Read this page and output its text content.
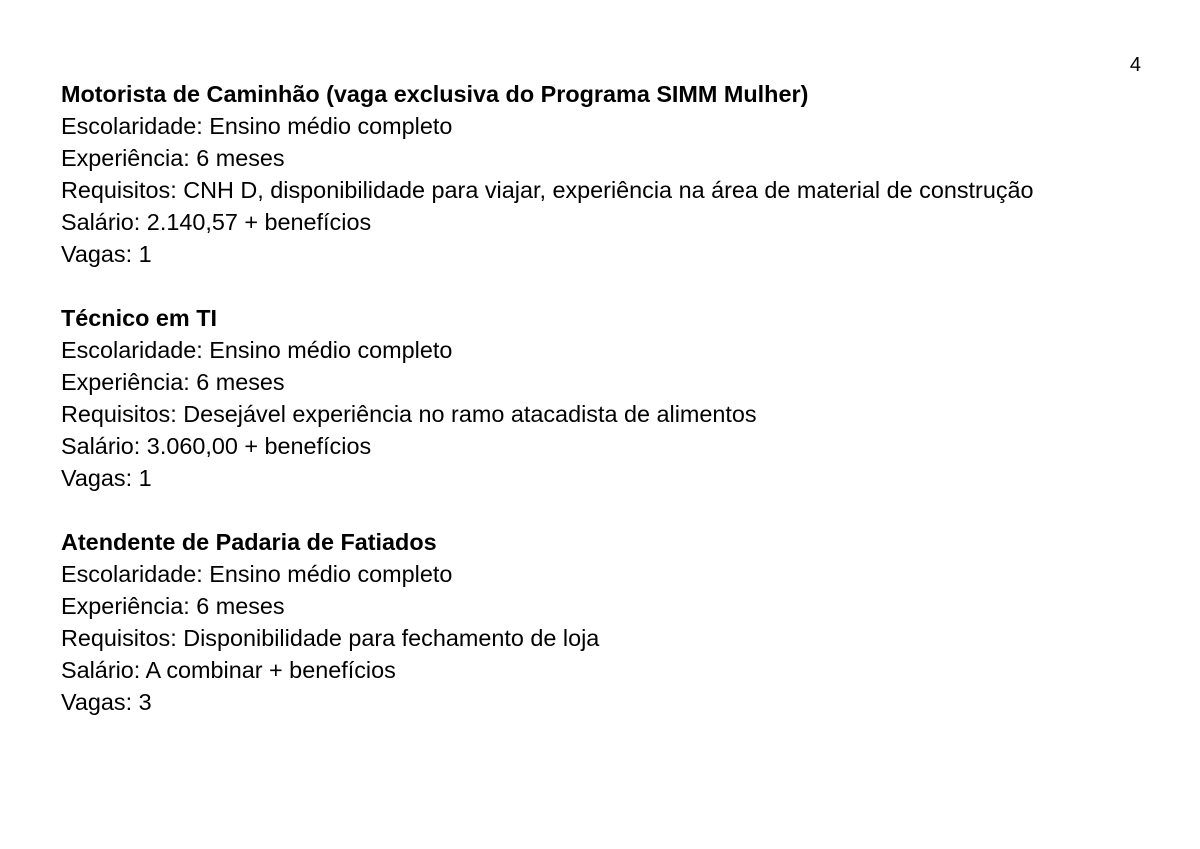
4
Motorista de Caminhão (vaga exclusiva do Programa SIMM Mulher)
Escolaridade: Ensino médio completo
Experiência: 6 meses
Requisitos: CNH D, disponibilidade para viajar, experiência na área de material de construção
Salário: 2.140,57 + benefícios
Vagas: 1
Técnico em TI
Escolaridade: Ensino médio completo
Experiência: 6 meses
Requisitos: Desejável experiência no ramo atacadista de alimentos
Salário: 3.060,00 + benefícios
Vagas: 1
Atendente de Padaria de Fatiados
Escolaridade: Ensino médio completo
Experiência: 6 meses
Requisitos: Disponibilidade para fechamento de loja
Salário: A combinar + benefícios
Vagas: 3
